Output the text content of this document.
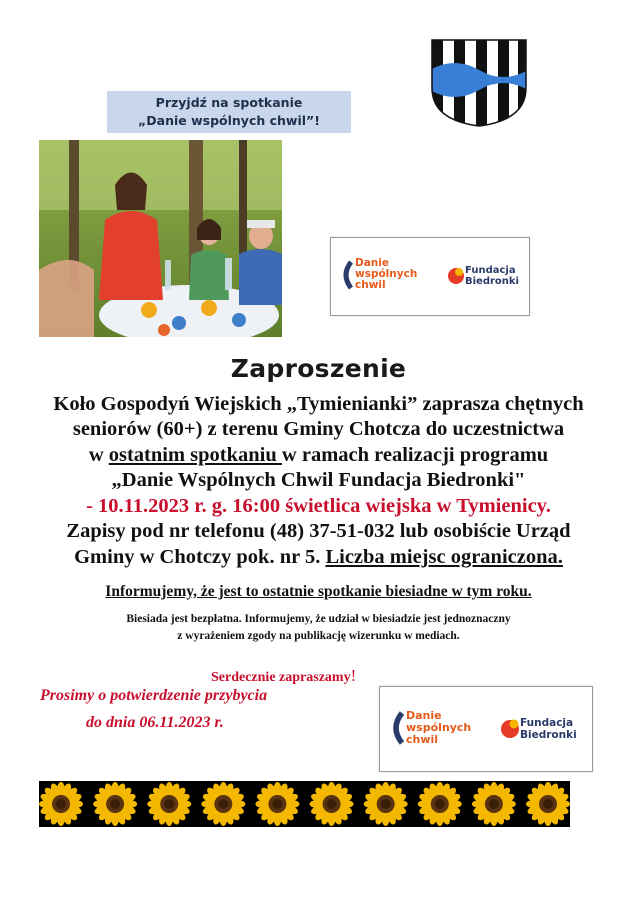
Przyjdź na spotkanie
„Danie wspólnych chwil”!
Danie
wspólnych
chwil
Fundacja
Biedronki
Zaproszenie
Koło Gospodyń Wiejskich „Tymienianki” zaprasza chętnych
seniorów (60+) z terenu Gminy Chotcza do uczestnictwa
w ostatnim spotkaniu w ramach realizacji programu
„Danie Wspólnych Chwil Fundacja Biedronki"
- 10.11.2023 r. g. 16:00 świetlica wiejska w Tymienicy.
Zapisy pod nr telefonu (48) 37-51-032 lub osobiście Urząd
Gminy w Chotczy pok. nr 5. Liczba miejsc ograniczona.
Informujemy, że jest to ostatnie spotkanie biesiadne w tym roku.
Biesiada jest bezpłatna. Informujemy, że udział w biesiadzie jest jednoznaczny
z wyrażeniem zgody na publikację wizerunku w mediach.
Serdecznie zapraszamy!
Prosimy o potwierdzenie przybycia
do dnia 06.11.2023 r.	Danie
wspólnych
chwil
Fundacja
Biedronki
